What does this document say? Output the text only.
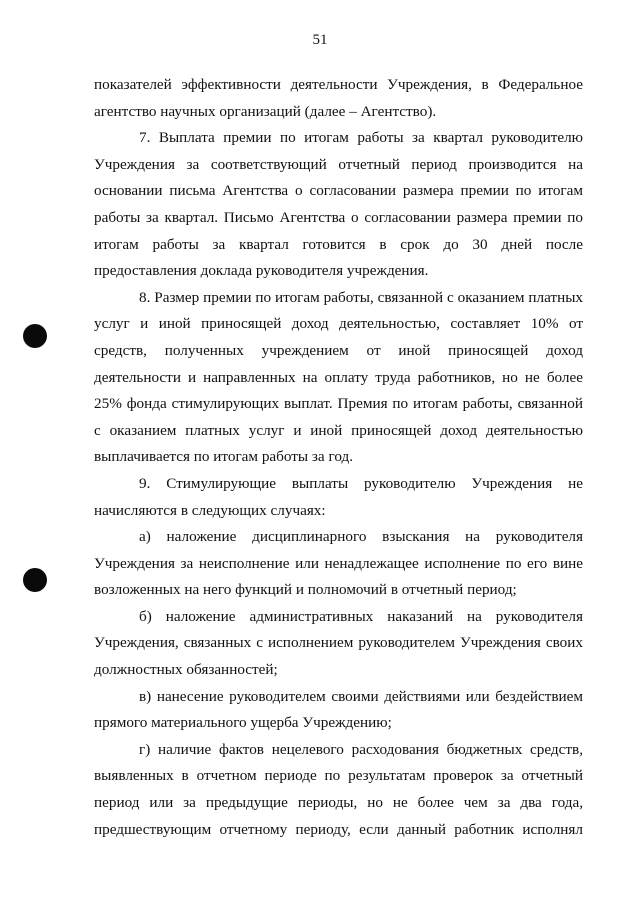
51

показателей эффективности деятельности Учреждения, в Федеральное
агентство научных организаций (далее – Агентство).

7. Выплата премии по итогам работы за квартал руководителю
Учреждения за соответствующий отчетный период производится на
основании письма Агентства о согласовании размера премии по итогам
работы за квартал. Письмо Агентства о согласовании размера премии по
итогам работы за квартал готовится в срок до 30 дней после
предоставления доклада руководителя учреждения.

8. Размер премии по итогам работы, связанной с оказанием платных
услуг и иной приносящей доход деятельностью, составляет 10% от
средств, полученных учреждением от иной приносящей доход
деятельности и направленных на оплату труда работников, но не более
25% фонда стимулирующих выплат. Премия по итогам работы, связанной
с оказанием платных услуг и иной приносящей доход деятельностью
выплачивается по итогам работы за год.

9. Стимулирующие выплаты руководителю Учреждения не
начисляются в следующих случаях:

а) наложение дисциплинарного взыскания на руководителя
Учреждения за неисполнение или ненадлежащее исполнение по его вине
возложенных на него функций и полномочий в отчетный период;

б) наложение административных наказаний на руководителя
Учреждения, связанных с исполнением руководителем Учреждения своих
должностных обязанностей;

в) нанесение руководителем своими действиями или бездействием
прямого материального ущерба Учреждению;

г) наличие фактов нецелевого расходования бюджетных средств,
выявленных в отчетном периоде по результатам проверок за отчетный
период или за предыдущие периоды, но не более чем за два года,
предшествующим отчетному периоду, если данный работник исполнял
